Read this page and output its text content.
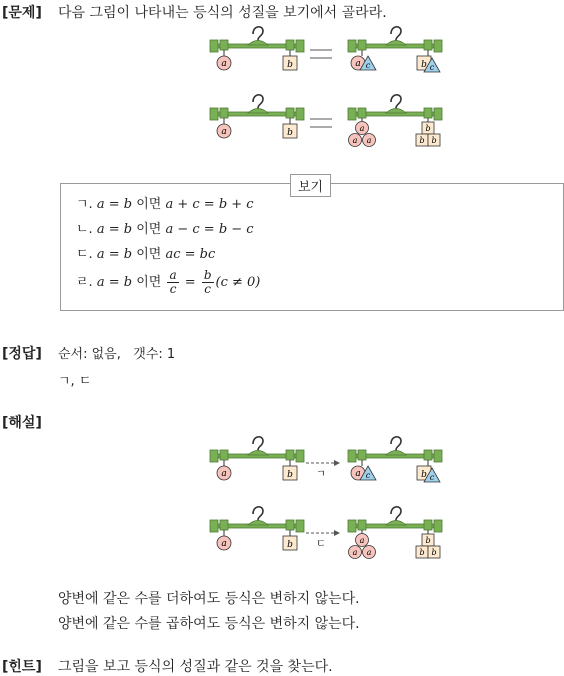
[문제] 다음 그림이 나타내는 등식의 성질을 보기에서 골라라.
a	b	a c	b c
a	b	a
a a
b
b b
보기
ㄱ. a = b 이면 a + c = b + c
ㄴ. a = b 이면 a − c = b − c
ㄷ. a = b 이면 ac = bc
ㄹ. a = b 이면 $\frac{a}{c} = \frac{b}{c} (c \ne 0)$
[정답] 순서: 없음,   갯수: 1
ㄱ, ㄷ
[해설]
a	b ㄱ	a c	b c
a	b ㄷ	a
a a
b
b b
양변에 같은 수를 더하여도 등식은 변하지 않는다.
양변에 같은 수를 곱하여도 등식은 변하지 않는다.
[힌트] 그림을 보고 등식의 성질과 같은 것을 찾는다.
